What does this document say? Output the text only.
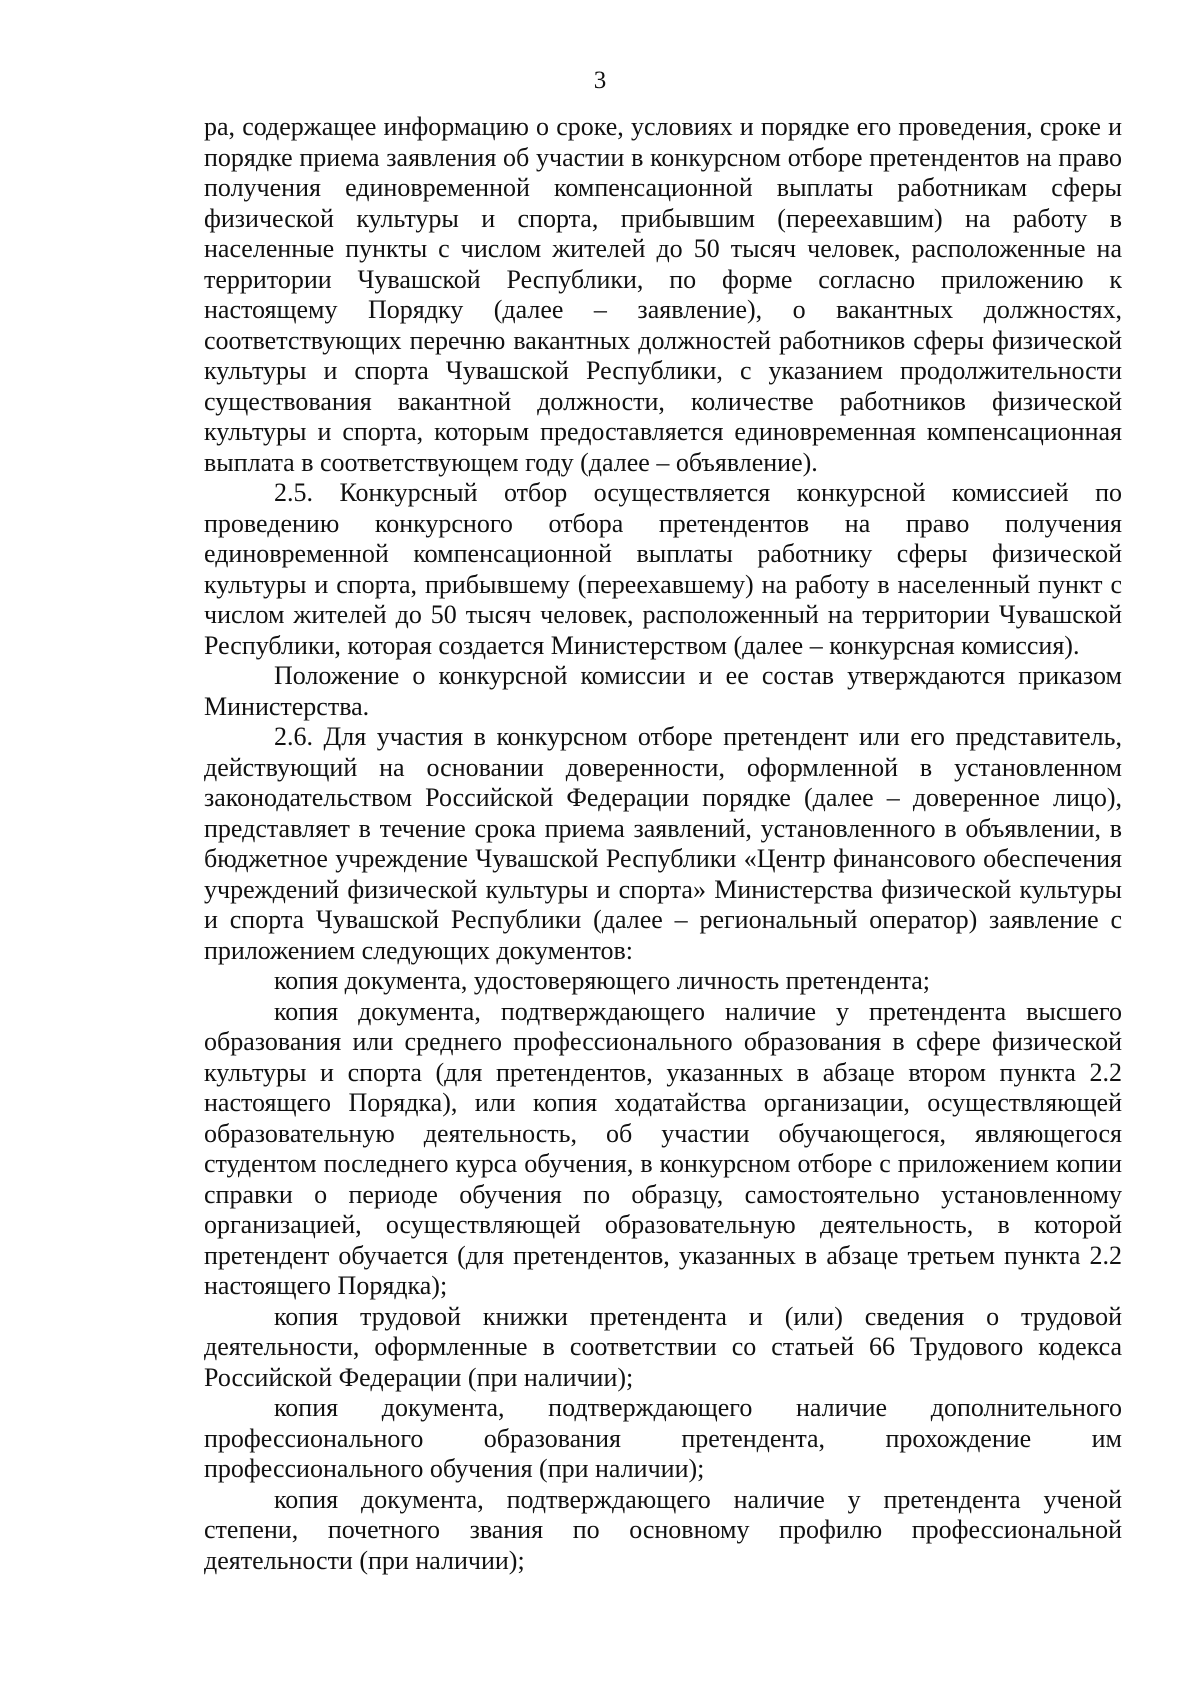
3

ра, содержащее информацию о сроке, условиях и порядке его проведения, сроке и порядке приема заявления об участии в конкурсном отборе претендентов на право получения единовременной компенсационной выплаты работникам сферы физической культуры и спорта, прибывшим (переехавшим) на работу в населенные пункты с числом жителей до 50 тысяч человек, расположенные на территории Чувашской Республики, по форме согласно приложению к настоящему Порядку (далее – заявление), о вакантных должностях, соответствующих перечню вакантных должностей работников сферы физической культуры и спорта Чувашской Республики, с указанием продолжительности существования вакантной должности, количестве работников физической культуры и спорта, которым предоставляется единовременная компенсационная выплата в соответствующем году (далее – объявление).

2.5. Конкурсный отбор осуществляется конкурсной комиссией по проведению конкурсного отбора претендентов на право получения единовременной компенсационной выплаты работнику сферы физической культуры и спорта, прибывшему (переехавшему) на работу в населенный пункт с числом жителей до 50 тысяч человек, расположенный на территории Чувашской Республики, которая создается Министерством (далее – конкурсная комиссия).

Положение о конкурсной комиссии и ее состав утверждаются приказом Министерства.

2.6. Для участия в конкурсном отборе претендент или его представитель, действующий на основании доверенности, оформленной в установленном законодательством Российской Федерации порядке (далее – доверенное лицо), представляет в течение срока приема заявлений, установленного в объявлении, в бюджетное учреждение Чувашской Республики «Центр финансового обеспечения учреждений физической культуры и спорта» Министерства физической культуры и спорта Чувашской Республики (далее – региональный оператор) заявление с приложением следующих документов:

копия документа, удостоверяющего личность претендента;

копия документа, подтверждающего наличие у претендента высшего образования или среднего профессионального образования в сфере физической культуры и спорта (для претендентов, указанных в абзаце втором пункта 2.2 настоящего Порядка), или копия ходатайства организации, осуществляющей образовательную деятельность, об участии обучающегося, являющегося студентом последнего курса обучения, в конкурсном отборе с приложением копии справки о периоде обучения по образцу, самостоятельно установленному организацией, осуществляющей образовательную деятельность, в которой претендент обучается (для претендентов, указанных в абзаце третьем пункта 2.2 настоящего Порядка);

копия трудовой книжки претендента и (или) сведения о трудовой деятельности, оформленные в соответствии со статьей 66 Трудового кодекса Российской Федерации (при наличии);

копия документа, подтверждающего наличие дополнительного профессионального образования претендента, прохождение им профессионального обучения (при наличии);

копия документа, подтверждающего наличие у претендента ученой степени, почетного звания по основному профилю профессиональной деятельности (при наличии);
